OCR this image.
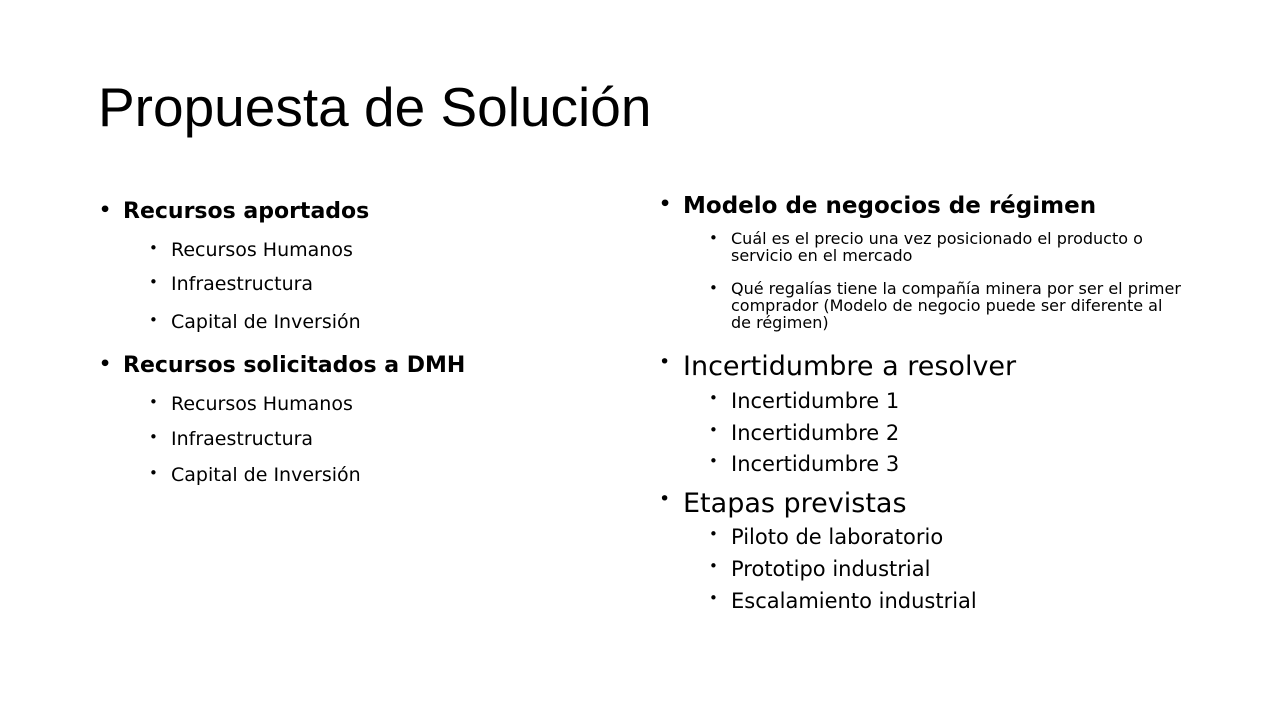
Propuesta de Solución
• Recursos aportados
• Recursos Humanos
• Infraestructura
• Capital de Inversión
• Recursos solicitados a DMH
• Recursos Humanos
• Infraestructura
• Capital de Inversión
• Modelo de negocios de régimen
• Cuál es el precio una vez posicionado el producto o servicio en el mercado
• Qué regalías tiene la compañía minera por ser el primer comprador (Modelo de negocio puede ser diferente al de régimen)
• Incertidumbre a resolver
• Incertidumbre 1
• Incertidumbre 2
• Incertidumbre 3
• Etapas previstas
• Piloto de laboratorio
• Prototipo industrial
• Escalamiento industrial
